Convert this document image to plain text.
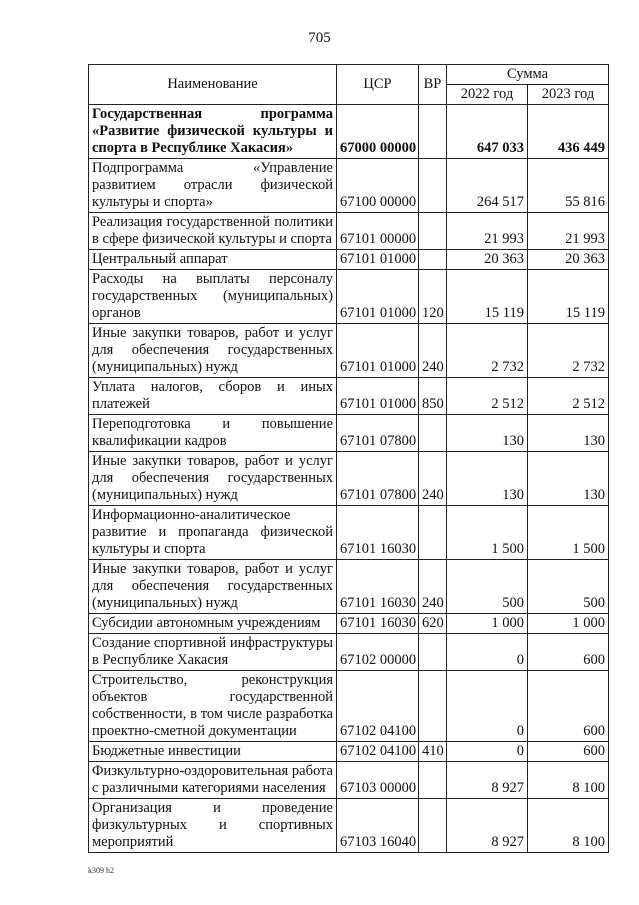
705
Наименование	ЦСР	ВР	Сумма	
			2022 год	2023 год
Государственная программа «Развитие физической культуры и спорта в Республике Хакасия»	67000 00000		647 033	436 449
Подпрограмма «Управление развитием отрасли физической культуры и спорта»	67100 00000		264 517	55 816
Реализация государственной политики в сфере физической культуры и спорта	67101 00000		21 993	21 993
Центральный аппарат	67101 01000		20 363	20 363
Расходы на выплаты персоналу государственных (муниципальных) органов	67101 01000	120	15 119	15 119
Иные закупки товаров, работ и услуг для обеспечения государственных (муниципальных) нужд	67101 01000	240	2 732	2 732
Уплата налогов, сборов и иных платежей	67101 01000	850	2 512	2 512
Переподготовка и повышение квалификации кадров	67101 07800		130	130
Иные закупки товаров, работ и услуг для обеспечения государственных (муниципальных) нужд	67101 07800	240	130	130
Информационно-аналитическое развитие и пропаганда физической культуры и спорта	67101 16030		1 500	1 500
Иные закупки товаров, работ и услуг для обеспечения государственных (муниципальных) нужд	67101 16030	240	500	500
Субсидии автономным учреждениям	67101 16030	620	1 000	1 000
Создание спортивной инфраструктуры в Республике Хакасия	67102 00000		0	600
Строительство, реконструкция объектов государственной собственности, в том числе разработка проектно-сметной документации	67102 04100		0	600
Бюджетные инвестиции	67102 04100	410	0	600
Физкультурно-оздоровительная работа с различными категориями населения	67103 00000		8 927	8 100
Организация и проведение физкультурных и спортивных мероприятий	67103 16040		8 927	8 100
k309 h2
